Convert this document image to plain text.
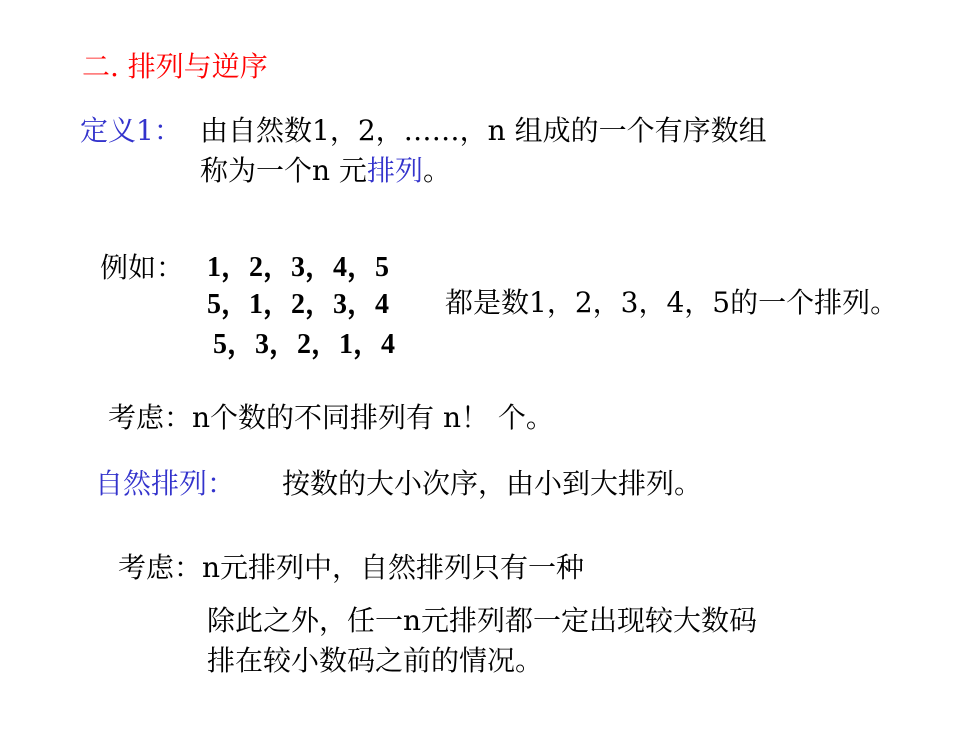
二. 排列与逆序
定义1： 由自然数1，2，……，n 组成的一个有序数组
称为一个n 元排列。
例如： 1，2，3，4，5
5，1，2，3，4
5，3，2，1，4
都是数1，2，3，4，5的一个排列。
考虑：n个数的不同排列有 n！ 个。
自然排列： 按数的大小次序，由小到大排列。
考虑：n元排列中，自然排列只有一种
除此之外，任一n元排列都一定出现较大数码
排在较小数码之前的情况。
